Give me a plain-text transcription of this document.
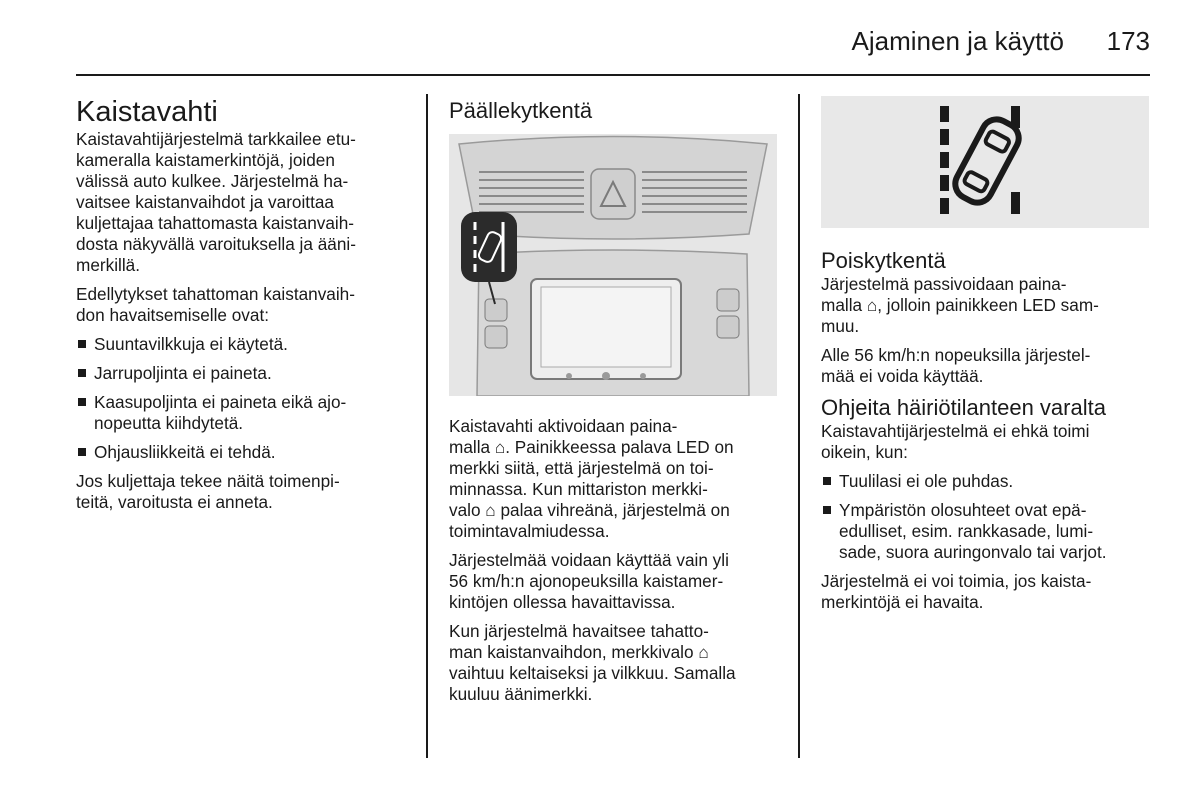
Ajaminen ja käyttö 173
Kaistavahti

Kaistavahtijärjestelmä tarkkailee etu-
kameralla kaistamerkintöjä, joiden
välissä auto kulkee. Järjestelmä ha-
vaitsee kaistanvaihdot ja varoittaa
kuljettajaa tahattomasta kaistanvaih-
dosta näkyvällä varoituksella ja ääni-
merkillä.

Edellytykset tahattoman kaistanvaih-
don havaitsemiselle ovat:

Suuntavilkkuja ei käytetä.
Jarrupoljinta ei paineta.
Kaasupoljinta ei paineta eikä ajo-
nopeutta kiihdytetä.
Ohjausliikkeitä ei tehdä.

Jos kuljettaja tekee näitä toimenpi-
teitä, varoitusta ei anneta.

Päällekytkentä

Kaistavahti aktivoidaan paina-
malla ⌂. Painikkeessa palava LED on
merkki siitä, että järjestelmä on toi-
minnassa. Kun mittariston merkki-
valo ⌂ palaa vihreänä, järjestelmä on
toimintavalmiudessa.

Järjestelmää voidaan käyttää vain yli
56 km/h:n ajonopeuksilla kaistamer-
kintöjen ollessa havaittavissa.

Kun järjestelmä havaitsee tahatto-
man kaistanvaihdon, merkkivalo ⌂
vaihtuu keltaiseksi ja vilkkuu. Samalla
kuuluu äänimerkki.

Poiskytkentä

Järjestelmä passivoidaan paina-
malla ⌂, jolloin painikkeen LED sam-
muu.

Alle 56 km/h:n nopeuksilla järjestel-
mää ei voida käyttää.

Ohjeita häiriötilanteen varalta

Kaistavahtijärjestelmä ei ehkä toimi
oikein, kun:

Tuulilasi ei ole puhdas.
Ympäristön olosuhteet ovat epä-
edulliset, esim. rankkasade, lumi-
sade, suora auringonvalo tai varjot.

Järjestelmä ei voi toimia, jos kaista-
merkintöjä ei havaita.
